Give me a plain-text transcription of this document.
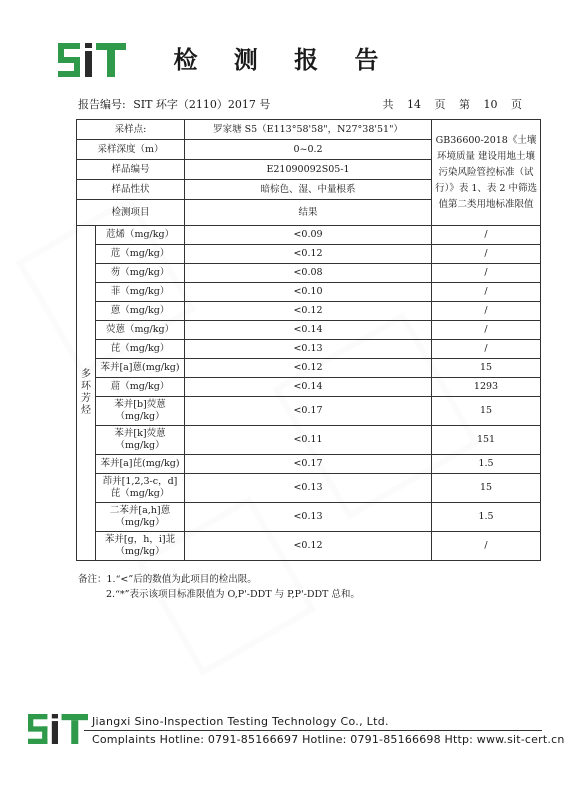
检 测 报 告
报告编号: SIT 环字（2110）2017 号	共 14 页 第 10 页
采样点:		罗家塘 S5（E113°58'58"，N27°38'51"）	GB36600-2018《土壤环境质量 建设用地土壤污染风险管控标准（试行）》表 1、表 2 中筛选值第二类用地标准限值
采样深度（m）		0~0.2	
样品编号		E21090092S05-1	
样品性状		暗棕色、湿、中量根系	
检测项目		结果	
多
环
芳
烃	苊烯（mg/kg）	<0.09	/
	苊（mg/kg）	<0.12	/
	芴（mg/kg）	<0.08	/
	菲（mg/kg）	<0.10	/
	蒽（mg/kg）	<0.12	/
	荧蒽（mg/kg）	<0.14	/
	芘（mg/kg）	<0.13	/
	苯并[a]蒽(mg/kg)	<0.12	15
	䓛（mg/kg）	<0.14	1293
	苯并[b]荧蒽（mg/kg）	<0.17	15
	苯并[k]荧蒽（mg/kg）	<0.11	151
	苯并[a]芘(mg/kg)	<0.17	1.5
	茚并[1,2,3-c，d]芘（mg/kg）	<0.13	15
	二苯并[a,h]蒽（mg/kg）	<0.13	1.5
	苯并[g，h，i]苝（mg/kg）	<0.12	/
备注：1.“<”后的数值为此项目的检出限。
2.“*”表示该项目标准限值为 O,P'-DDT 与 P,P'-DDT 总和。
Jiangxi Sino-Inspection Testing Technology Co., Ltd.
Complaints Hotline: 0791-85166697 Hotline: 0791-85166698 Http: www.sit-cert.cn
